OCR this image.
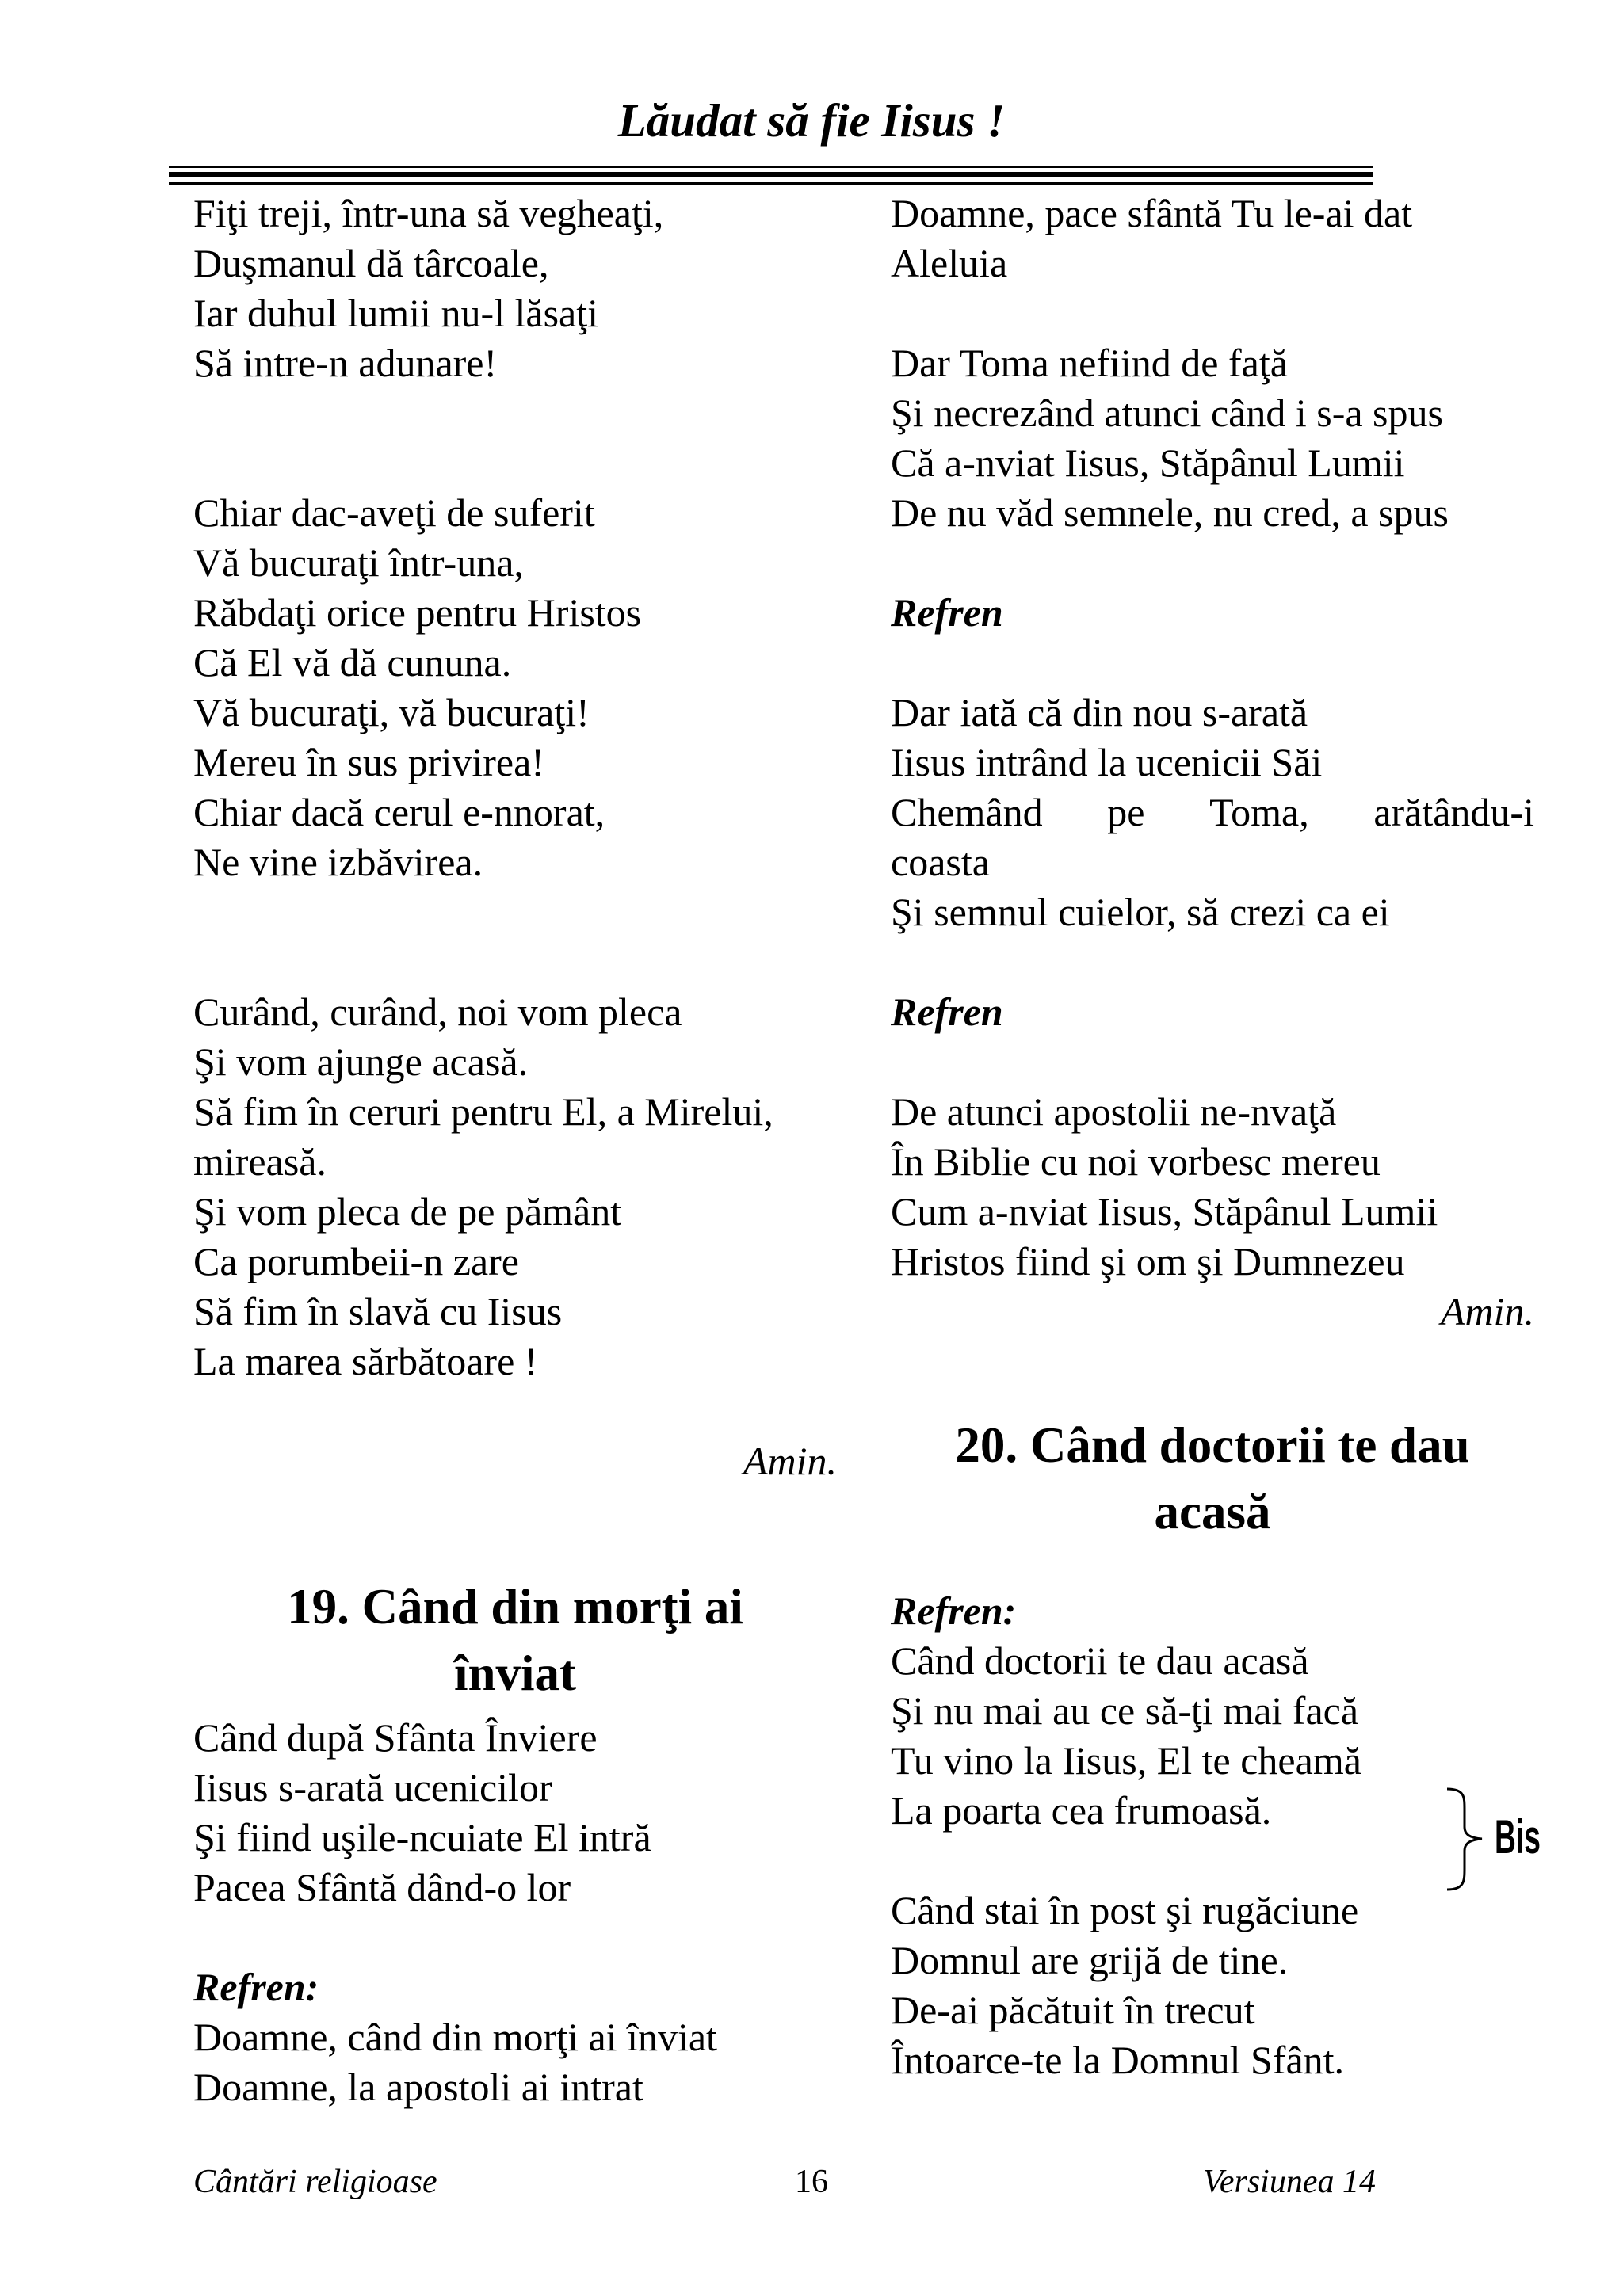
Lăudat să fie Iisus !
Fiţi treji, într-una să vegheaţi,
Duşmanul dă târcoale,
Iar duhul lumii nu-l lăsaţi
Să intre-n adunare!
Chiar dac-aveţi de suferit
Vă bucuraţi într-una,
Răbdaţi orice pentru Hristos
Că El vă dă cununa.
Vă bucuraţi, vă bucuraţi!
Mereu în sus privirea!
Chiar dacă cerul e-nnorat,
Ne vine izbăvirea.
Curând, curând, noi vom pleca
Şi vom ajunge acasă.
Să fim în ceruri pentru El, a Mirelui,
mireasă.
Şi vom pleca de pe pământ
Ca porumbeii-n zare
Să fim în slavă cu Iisus
La marea sărbătoare !
Amin.
19. Când din morţi ai
înviat
Când după Sfânta Înviere
Iisus s-arată ucenicilor
Şi fiind uşile-ncuiate El intră
Pacea Sfântă dând-o lor
Refren:
Doamne, când din morţi ai înviat
Doamne, la apostoli ai intrat
Doamne, pace sfântă Tu le-ai dat
Aleluia
Dar Toma nefiind de faţă
Şi necrezând atunci când i s-a spus
Că a-nviat Iisus, Stăpânul Lumii
De nu văd semnele, nu cred, a spus
Refren
Dar iată că din nou s-arată
Iisus intrând la ucenicii Săi
Chemând pe Toma, arătându-i
coasta
Şi semnul cuielor, să crezi ca ei
Refren
De atunci apostolii ne-nvaţă
În Biblie cu noi vorbesc mereu
Cum a-nviat Iisus, Stăpânul Lumii
Hristos fiind şi om şi Dumnezeu
Amin.
20. Când doctorii te dau
acasă
Refren:
Când doctorii te dau acasă
Şi nu mai au ce să-ţi mai facă
Tu vino la Iisus, El te cheamă
La poarta cea frumoasă.
Când stai în post şi rugăciune
Domnul are grijă de tine.
De-ai păcătuit în trecut
Întoarce-te la Domnul Sfânt.
Bis
Cântări religioase	16	Versiunea 14
